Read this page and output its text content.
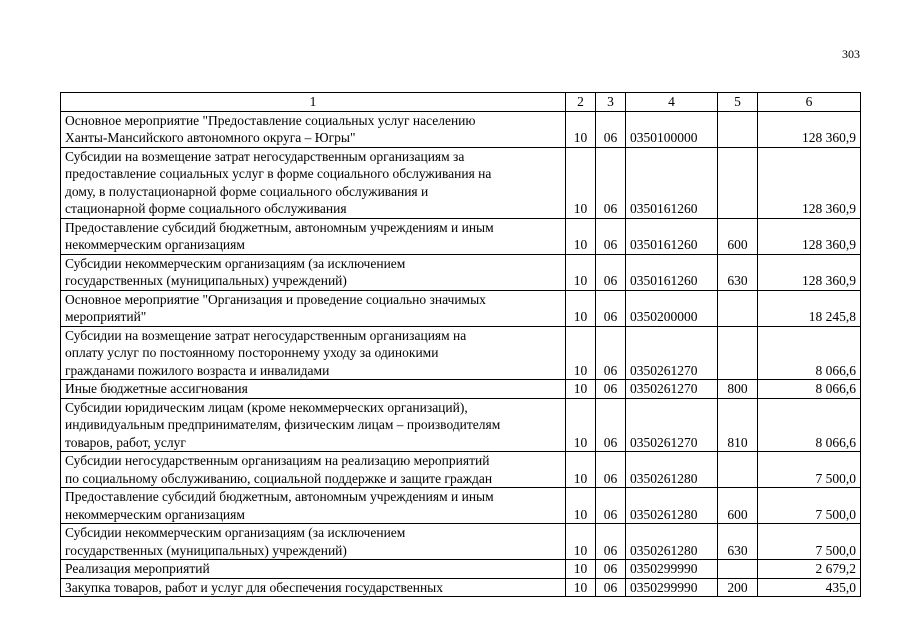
303
1	2	3	4	5	6

Основное мероприятие "Предоставление социальных услуг населению
Ханты-Мансийского автономного округа – Югры"	10	06	0350100000		128 360,9

Субсидии на возмещение затрат негосударственным организациям за
предоставление социальных услуг в форме социального обслуживания на
дому, в полустационарной форме социального обслуживания и
стационарной форме социального обслуживания	10	06	0350161260		128 360,9

Предоставление субсидий бюджетным, автономным учреждениям и иным
некоммерческим организациям	10	06	0350161260	600	128 360,9

Субсидии некоммерческим организациям (за исключением
государственных (муниципальных) учреждений)	10	06	0350161260	630	128 360,9

Основное мероприятие "Организация и проведение социально значимых
мероприятий"	10	06	0350200000		18 245,8

Субсидии на возмещение затрат негосударственным организациям на
оплату услуг по постоянному постороннему уходу за одинокими
гражданами пожилого возраста и инвалидами	10	06	0350261270		8 066,6

Иные бюджетные ассигнования	10	06	0350261270	800	8 066,6

Субсидии юридическим лицам (кроме некоммерческих организаций),
индивидуальным предпринимателям, физическим лицам – производителям
товаров, работ, услуг	10	06	0350261270	810	8 066,6

Субсидии негосударственным организациям на реализацию мероприятий
по социальному обслуживанию, социальной поддержке и защите граждан	10	06	0350261280		7 500,0

Предоставление субсидий бюджетным, автономным учреждениям и иным
некоммерческим организациям	10	06	0350261280	600	7 500,0

Субсидии некоммерческим организациям (за исключением
государственных (муниципальных) учреждений)	10	06	0350261280	630	7 500,0

Реализация мероприятий	10	06	0350299990		2 679,2

Закупка товаров, работ и услуг для обеспечения государственных	10	06	0350299990	200	435,0
